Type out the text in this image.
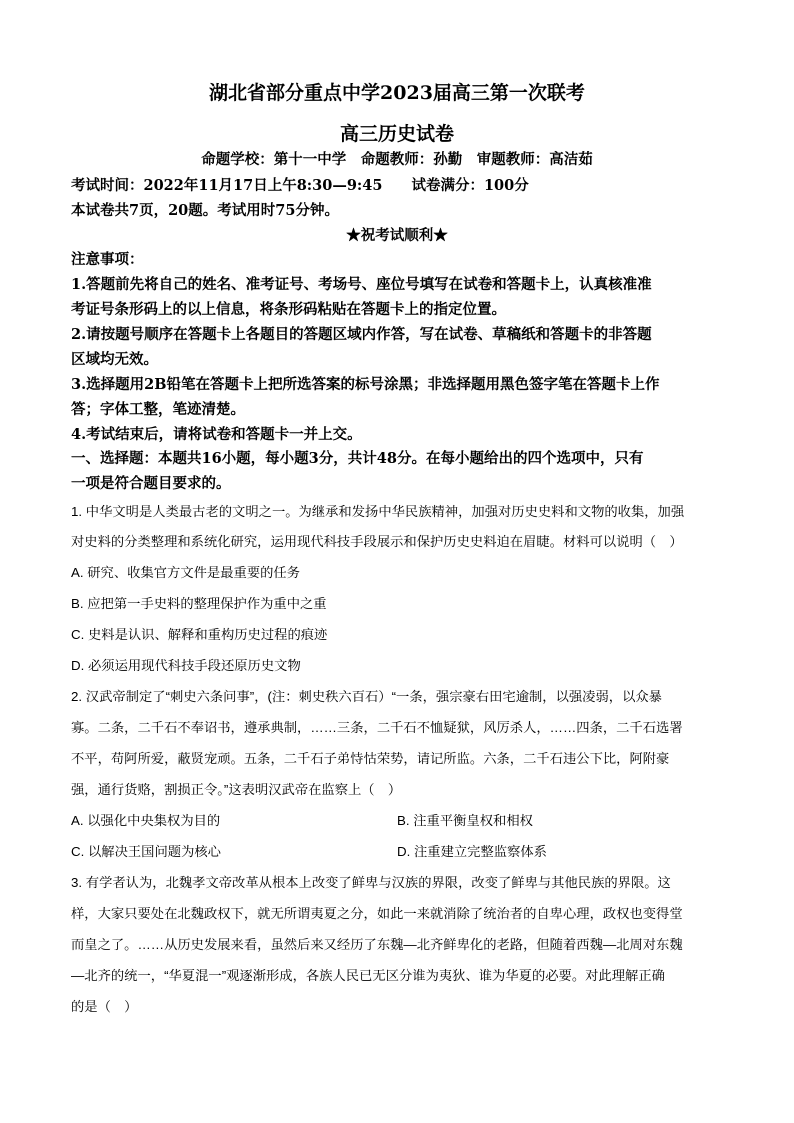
湖北省部分重点中学2023届高三第一次联考
高三历史试卷
命题学校：第十一中学　命题教师：孙勤　审题教师：高洁茹
考试时间：2022年11月17日上午8:30—9:45　　试卷满分：100分
本试卷共7页，20题。考试用时75分钟。
★祝考试顺利★
注意事项：
1.答题前先将自己的姓名、准考证号、考场号、座位号填写在试卷和答题卡上，认真核准准
考证号条形码上的以上信息，将条形码粘贴在答题卡上的指定位置。
2.请按题号顺序在答题卡上各题目的答题区域内作答，写在试卷、草稿纸和答题卡的非答题
区域均无效。
3.选择题用2B铅笔在答题卡上把所选答案的标号涂黑；非选择题用黑色签字笔在答题卡上作
答；字体工整，笔迹清楚。
4.考试结束后，请将试卷和答题卡一并上交。
一、选择题：本题共16小题，每小题3分，共计48分。在每小题给出的四个选项中，只有
一项是符合题目要求的。
1. 中华文明是人类最古老的文明之一。为继承和发扬中华民族精神，加强对历史史料和文物的收集，加强
对史料的分类整理和系统化研究，运用现代科技手段展示和保护历史史料迫在眉睫。材料可以说明（　）
A. 研究、收集官方文件是最重要的任务
B. 应把第一手史料的整理保护作为重中之重
C. 史料是认识、解释和重构历史过程的痕迹
D. 必须运用现代科技手段还原历史文物
2. 汉武帝制定了“刺史六条问事”，(注：刺史秩六百石）“一条，强宗豪右田宅逾制，以强凌弱，以众暴
寡。二条，二千石不奉诏书，遵承典制，……三条，二千石不恤疑狱，风厉杀人，……四条，二千石选署
不平，苟阿所爱，蔽贤宠顽。五条，二千石子弟恃怙荣势，请记所监。六条，二千石违公下比，阿附豪
强，通行货赂，割损正令。”这表明汉武帝在监察上（　）
A. 以强化中央集权为目的	B. 注重平衡皇权和相权
C. 以解决王国问题为核心	D. 注重建立完整监察体系
3. 有学者认为，北魏孝文帝改革从根本上改变了鲜卑与汉族的界限，改变了鲜卑与其他民族的界限。这
样，大家只要处在北魏政权下，就无所谓夷夏之分，如此一来就消除了统治者的自卑心理，政权也变得堂
而皇之了。……从历史发展来看，虽然后来又经历了东魏—北齐鲜卑化的老路，但随着西魏—北周对东魏
—北齐的统一，“华夏混一”观逐渐形成，各族人民已无区分谁为夷狄、谁为华夏的必要。对此理解正确
的是（　）
